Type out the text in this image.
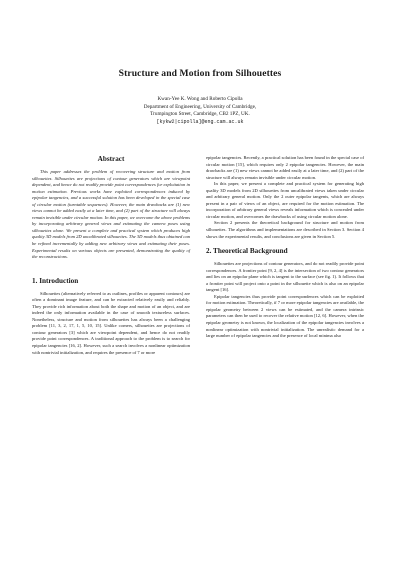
Structure and Motion from Silhouettes
Kwan-Yee K. Wong and Roberto Cipolla
Department of Engineering, University of Cambridge,
Trumpington Street, Cambridge, CB2 1PZ, UK.
[kykw2|cipolla]@eng.cam.ac.uk
Abstract

This paper addresses the problem of recovering structure and motion from silhouettes. Silhouettes are projections of contour generators which are viewpoint dependent, and hence do not readily provide point correspondences for exploitation in motion estimation. Previous works have exploited correspondences induced by epipolar tangencies, and a successful solution has been developed in the special case of circular motion (turntable sequences). However, the main drawbacks are (1) new views cannot be added easily at a later time, and (2) part of the structure will always remain invisible under circular motion. In this paper, we overcome the above problems by incorporating arbitrary general views and estimating the camera poses using silhouettes alone. We present a complete and practical system which produces high quality 3D models from 2D uncalibrated silhouettes. The 3D models thus obtained can be refined incrementally by adding new arbitrary views and estimating their poses. Experimental results on various objects are presented, demonstrating the quality of the reconstructions.

1. Introduction

Silhouettes (alternatively referred to as outlines, profiles or apparent contours) are often a dominant image feature, and can be extracted relatively easily and reliably. They provide rich information about both the shape and motion of an object, and are indeed the only information available in the case of smooth textureless surfaces. Nonetheless, structure and motion from silhouettes has always been a challenging problem [11, 3, 2, 17, 1, 5, 10, 15]. Unlike corners, silhouettes are projections of contour generators [3] which are viewpoint dependent, and hence do not readily provide point correspondences. A traditional approach to the problem is to search for epipolar tangencies [16, 2]. However, such a search involves a nonlinear optimization with nontrivial initialization, and requires the presence of 7 or more

epipolar tangencies. Recently, a practical solution has been found in the special case of circular motion [15], which requires only 2 epipolar tangencies. However, the main drawbacks are (1) new views cannot be added easily at a later time, and (2) part of the structure will always remain invisible under circular motion.

In this paper, we present a complete and practical system for generating high quality 3D models from 2D silhouettes from uncalibrated views taken under circular and arbitrary general motion. Only the 2 outer epipolar tangents, which are always present in a pair of views of an object, are required for the motion estimation. The incorporation of arbitrary general views reveals information which is concealed under circular motion, and overcomes the drawbacks of using circular motion alone.

Section 2 presents the theoretical background for structure and motion from silhouettes. The algorithms and implementations are described in Section 3. Section 4 shows the experimental results, and conclusions are given in Section 5.

2. Theoretical Background

Silhouettes are projections of contour generators, and do not readily provide point correspondences. A frontier point [9, 2, 4] is the intersection of two contour generators and lies on an epipolar plane which is tangent to the surface (see fig. 1). It follows that a frontier point will project onto a point in the silhouette which is also on an epipolar tangent [16].

Epipolar tangencies thus provide point correspondences which can be exploited for motion estimation. Theoretically, if 7 or more epipolar tangencies are available, the epipolar geometry between 2 views can be estimated, and the camera intrinsic parameters can then be used to recover the relative motion [12, 6]. However, when the epipolar geometry is not known, the localization of the epipolar tangencies involves a nonlinear optimization with nontrivial initialization. The unrealistic demand for a large number of epipolar tangencies and the presence of local minima also
